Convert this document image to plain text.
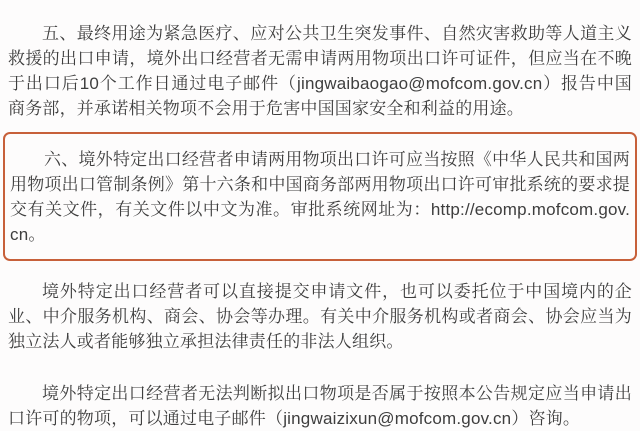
五、最终用途为紧急医疗、应对公共卫生突发事件、自然灾害救助等人道主义救援的出口申请，境外出口经营者无需申请两用物项出口许可证件，但应当在不晚于出口后10个工作日通过电子邮件（jingwaibaogao@mofcom.gov.cn）报告中国商务部，并承诺相关物项不会用于危害中国国家安全和利益的用途。

六、境外特定出口经营者申请两用物项出口许可应当按照《中华人民共和国两用物项出口管制条例》第十六条和中国商务部两用物项出口许可审批系统的要求提交有关文件，有关文件以中文为准。审批系统网址为：http://ecomp.mofcom.gov.cn。

境外特定出口经营者可以直接提交申请文件，也可以委托位于中国境内的企业、中介服务机构、商会、协会等办理。有关中介服务机构或者商会、协会应当为独立法人或者能够独立承担法律责任的非法人组织。

境外特定出口经营者无法判断拟出口物项是否属于按照本公告规定应当申请出口许可的物项，可以通过电子邮件（jingwaizixun@mofcom.gov.cn）咨询。
